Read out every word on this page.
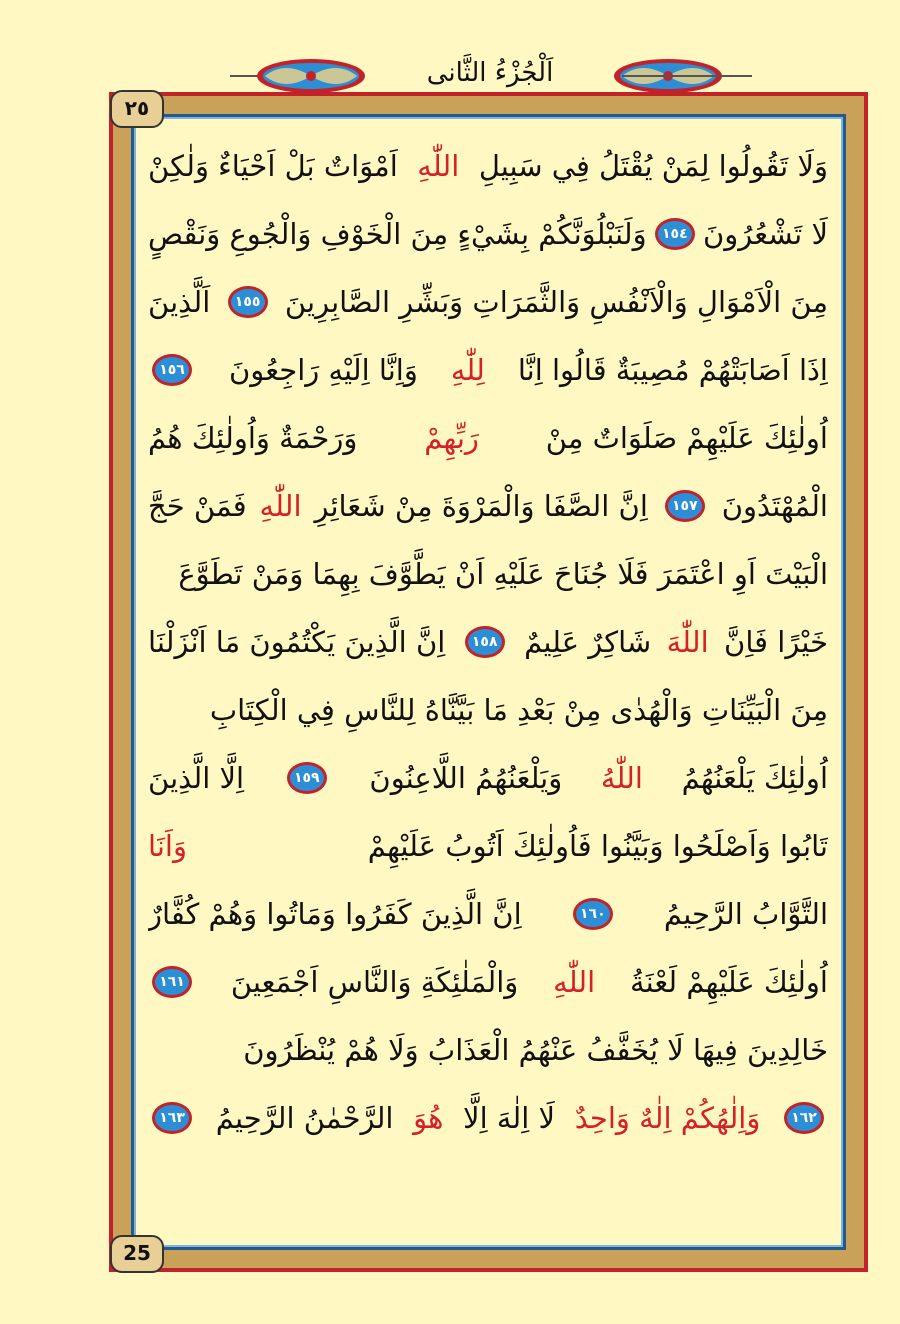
اَلْجُزْءُ الثَّانى
٢٥
25
وَلَا تَقُولُوا لِمَنْ يُقْتَلُ فِي سَبِيلِ
اللّٰهِ
اَمْوَاتٌ بَلْ اَحْيَاءٌ وَلٰكِنْ
لَا تَشْعُرُونَ
١٥٤
وَلَنَبْلُوَنَّكُمْ بِشَيْءٍ مِنَ الْخَوْفِ وَالْجُوعِ وَنَقْصٍ
مِنَ الْاَمْوَالِ وَالْاَنْفُسِ وَالثَّمَرَاتِ وَبَشِّرِ الصَّابِرِينَ
١٥٥
اَلَّذِينَ
اِذَا اَصَابَتْهُمْ مُصِيبَةٌ قَالُوا اِنَّا
لِلّٰهِ
وَاِنَّا اِلَيْهِ رَاجِعُونَ
١٥٦
اُولٰئِكَ عَلَيْهِمْ صَلَوَاتٌ مِنْ
رَبِّهِمْ
وَرَحْمَةٌ وَاُولٰئِكَ هُمُ
الْمُهْتَدُونَ
١٥٧
اِنَّ الصَّفَا وَالْمَرْوَةَ مِنْ شَعَائِرِ
اللّٰهِ
فَمَنْ حَجَّ
الْبَيْتَ اَوِ اعْتَمَرَ فَلَا جُنَاحَ عَلَيْهِ اَنْ يَطَّوَّفَ بِهِمَا وَمَنْ تَطَوَّعَ
خَيْرًا فَاِنَّ
اللّٰهَ
شَاكِرٌ عَلِيمٌ
١٥٨
اِنَّ الَّذِينَ يَكْتُمُونَ مَا اَنْزَلْنَا
مِنَ الْبَيِّنَاتِ وَالْهُدٰى مِنْ بَعْدِ مَا بَيَّنَّاهُ لِلنَّاسِ فِي الْكِتَابِ
اُولٰئِكَ يَلْعَنُهُمُ
اللّٰهُ
وَيَلْعَنُهُمُ اللَّاعِنُونَ
١٥٩
اِلَّا الَّذِينَ
تَابُوا وَاَصْلَحُوا وَبَيَّنُوا فَاُولٰئِكَ اَتُوبُ عَلَيْهِمْ
وَاَنَا
التَّوَّابُ الرَّحِيمُ
١٦٠
اِنَّ الَّذِينَ كَفَرُوا وَمَاتُوا وَهُمْ كُفَّارٌ
اُولٰئِكَ عَلَيْهِمْ لَعْنَةُ
اللّٰهِ
وَالْمَلٰئِكَةِ وَالنَّاسِ اَجْمَعِينَ
١٦١
خَالِدِينَ فِيهَا لَا يُخَفَّفُ عَنْهُمُ الْعَذَابُ وَلَا هُمْ يُنْظَرُونَ
١٦٢
وَاِلٰهُكُمْ اِلٰهٌ وَاحِدٌ
لَا اِلٰهَ اِلَّا
هُوَ
الرَّحْمٰنُ الرَّحِيمُ
١٦٣
